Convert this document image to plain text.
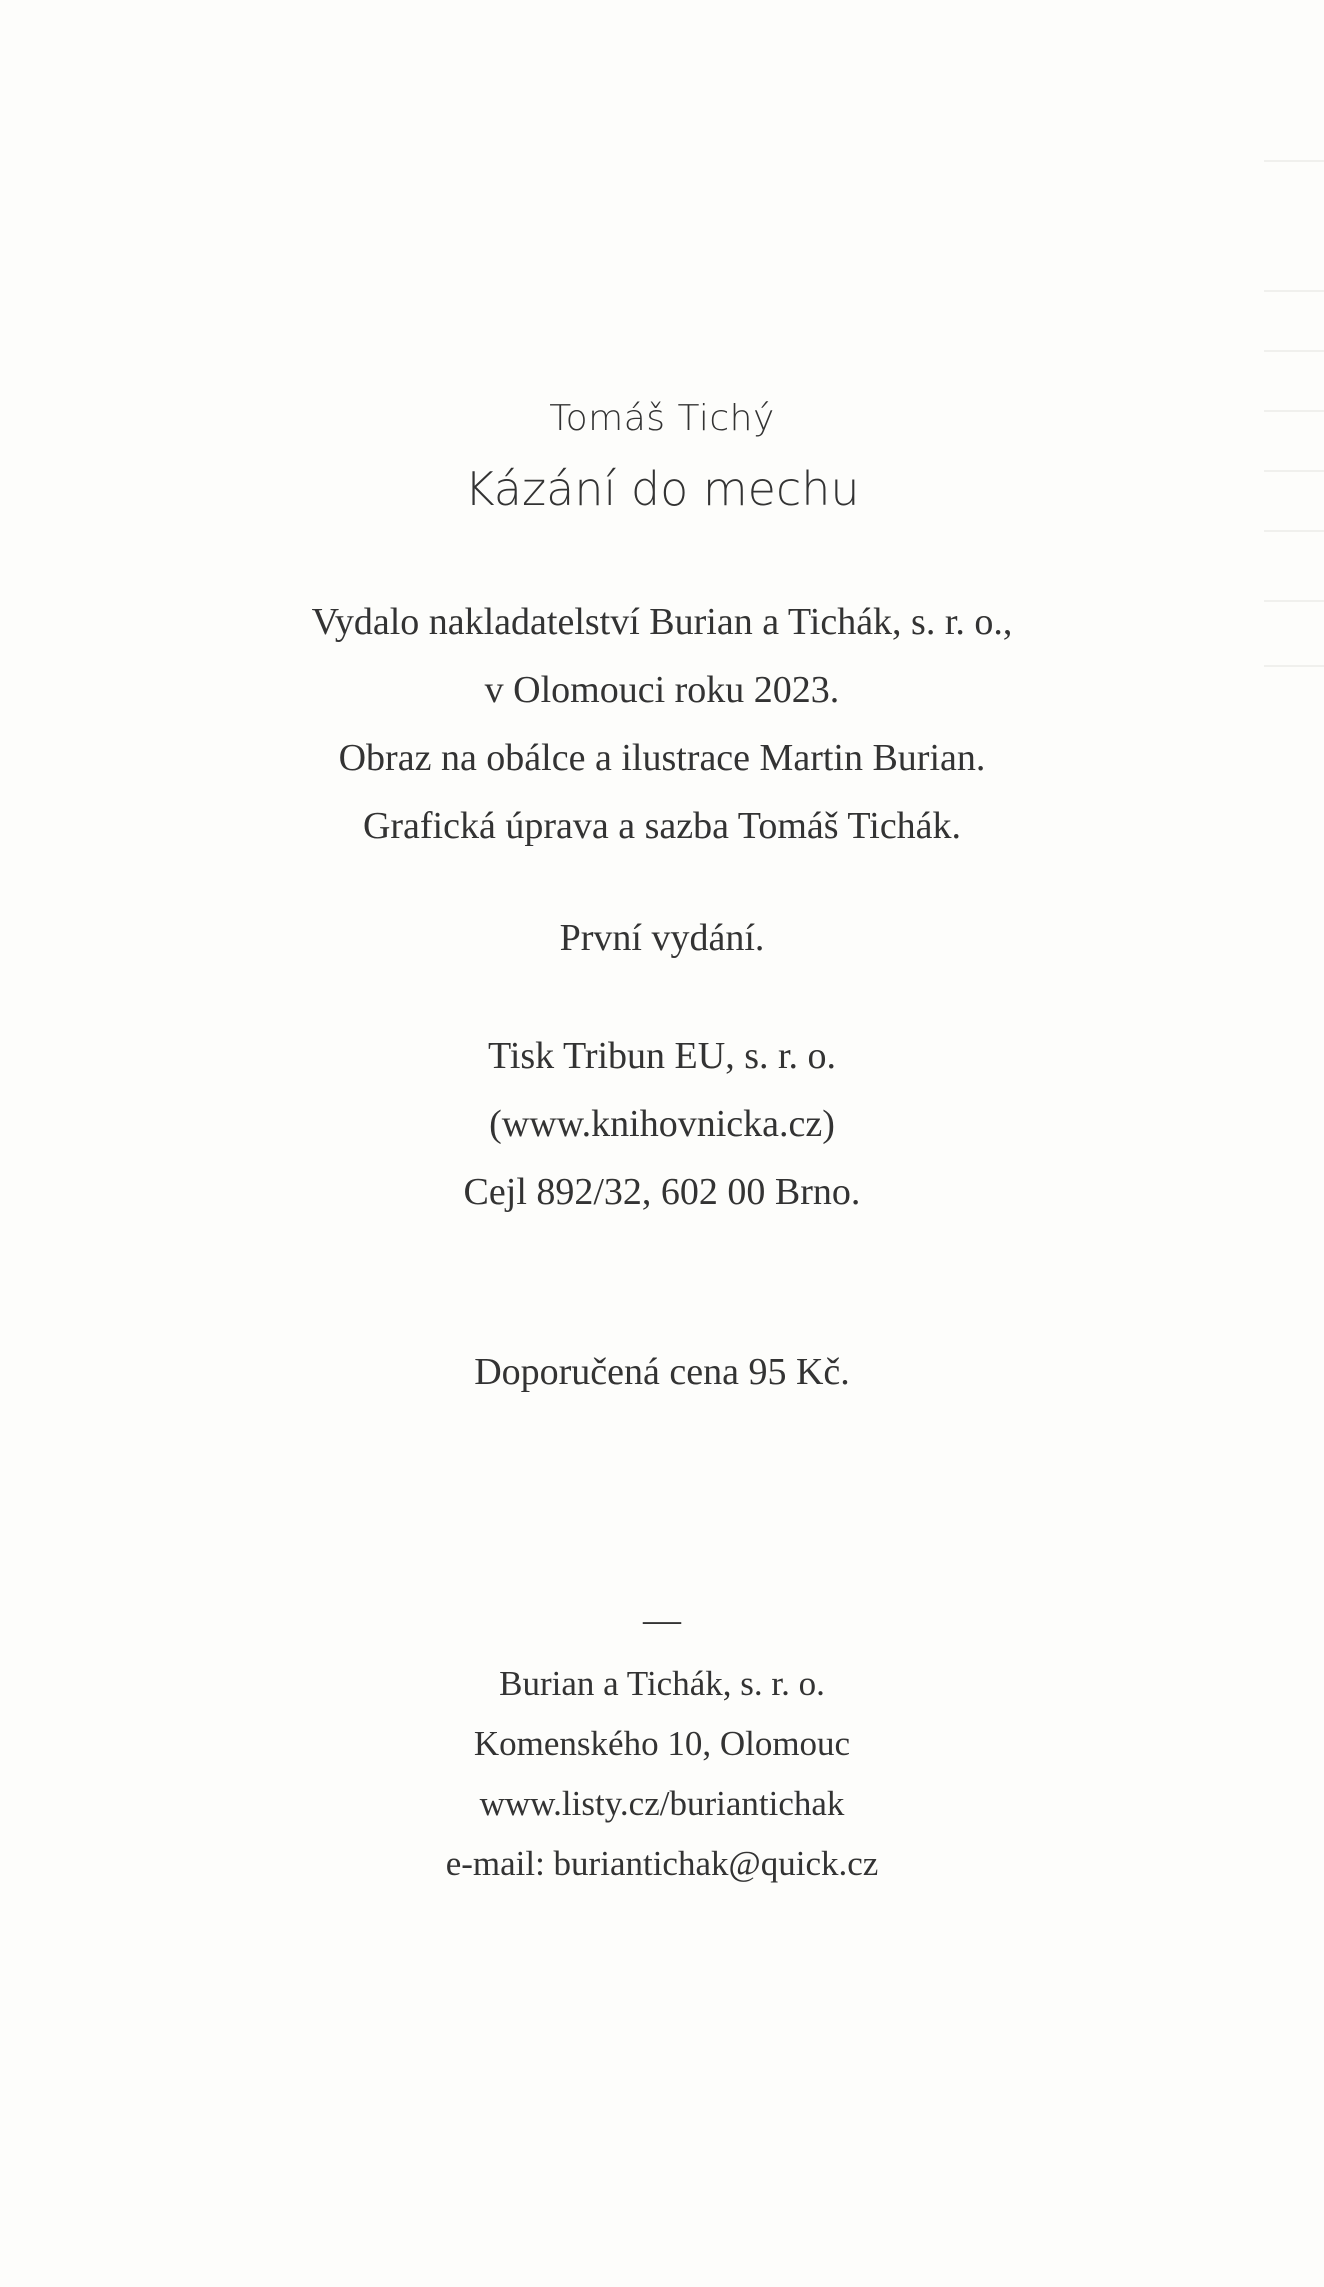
Tomáš Tichý
Kázání do mechu
Vydalo nakladatelství Burian a Tichák, s. r. o.,
v Olomouci roku 2023.
Obraz na obálce a ilustrace Martin Burian.
Grafická úprava a sazba Tomáš Tichák.
První vydání.
Tisk Tribun EU, s. r. o.
(www.knihovnicka.cz)
Cejl 892/32, 602 00 Brno.
Doporučená cena 95 Kč.
—
Burian a Tichák, s. r. o.
Komenského 10, Olomouc
www.listy.cz/buriantichak
e-mail: buriantichak@quick.cz
